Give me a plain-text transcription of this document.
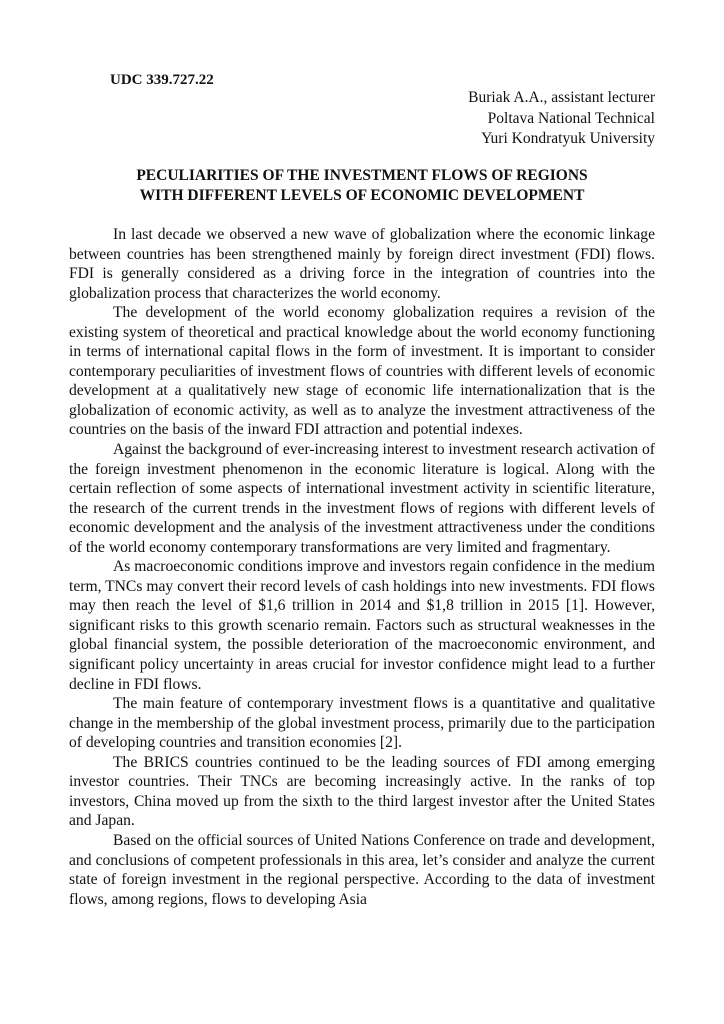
UDC 339.727.22

Buriak A.A., assistant lecturer
Poltava National Technical
Yuri Kondratyuk University
PECULIARITIES OF THE INVESTMENT FLOWS OF REGIONS
WITH DIFFERENT LEVELS OF ECONOMIC DEVELOPMENT

In last decade we observed a new wave of globalization where the economic linkage between countries has been strengthened mainly by foreign direct investment (FDI) flows. FDI is generally considered as a driving force in the integration of countries into the globalization process that characterizes the world economy.

The development of the world economy globalization requires a revision of the existing system of theoretical and practical knowledge about the world economy functioning in terms of international capital flows in the form of investment. It is important to consider contemporary peculiarities of investment flows of countries with different levels of economic development at a qualitatively new stage of economic life internationalization that is the globalization of economic activity, as well as to analyze the investment attractiveness of the countries on the basis of the inward FDI attraction and potential indexes.

Against the background of ever-increasing interest to investment research activation of the foreign investment phenomenon in the economic literature is logical. Along with the certain reflection of some aspects of international investment activity in scientific literature, the research of the current trends in the investment flows of regions with different levels of economic development and the analysis of the investment attractiveness under the conditions of the world economy contemporary transformations are very limited and fragmentary.

As macroeconomic conditions improve and investors regain confidence in the medium term, TNCs may convert their record levels of cash holdings into new investments. FDI flows may then reach the level of $1,6 trillion in 2014 and $1,8 trillion in 2015 [1]. However, significant risks to this growth scenario remain. Factors such as structural weaknesses in the global financial system, the possible deterioration of the macroeconomic environment, and significant policy uncertainty in areas crucial for investor confidence might lead to a further decline in FDI flows.

The main feature of contemporary investment flows is a quantitative and qualitative change in the membership of the global investment process, primarily due to the participation of developing countries and transition economies [2].

The BRICS countries continued to be the leading sources of FDI among emerging investor countries. Their TNCs are becoming increasingly active. In the ranks of top investors, China moved up from the sixth to the third largest investor after the United States and Japan.

Based on the official sources of United Nations Conference on trade and development, and conclusions of competent professionals in this area, let’s consider and analyze the current state of foreign investment in the regional perspective. According to the data of investment flows, among regions, flows to developing Asia
